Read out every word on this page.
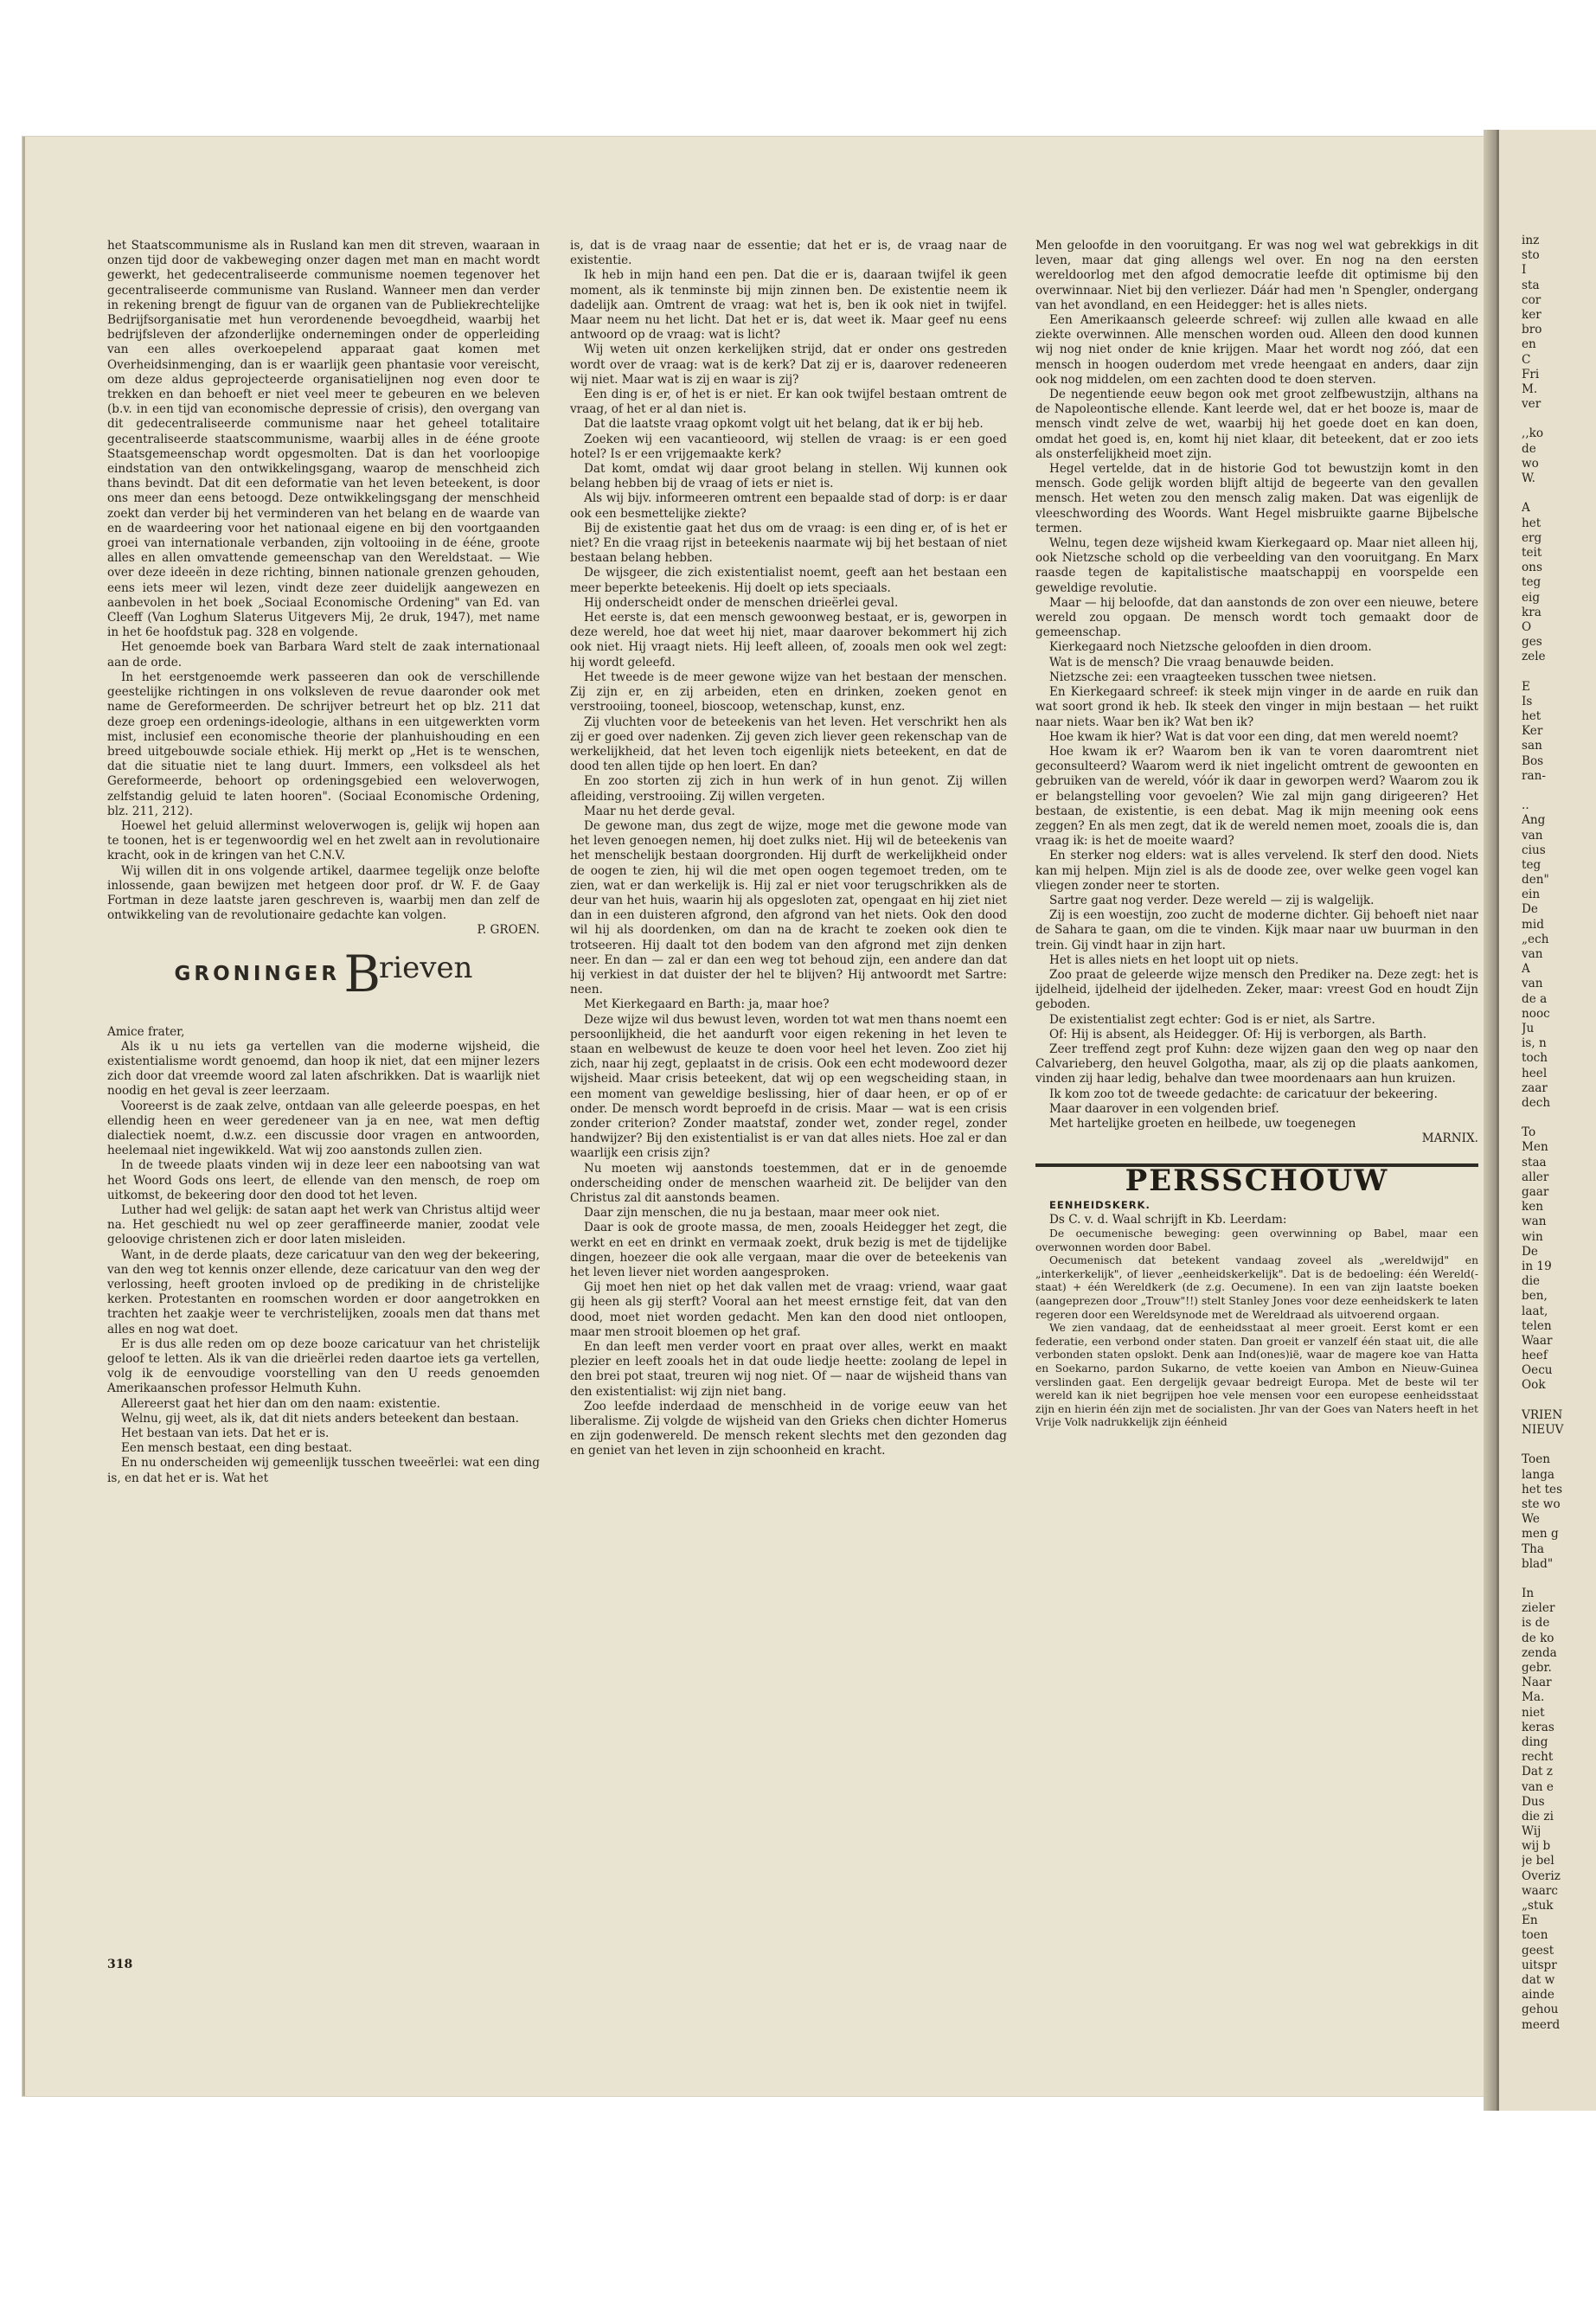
het Staatscommunisme als in Rusland kan men dit streven, waaraan in onzen tijd door de vakbeweging onzer dagen met man en macht wordt gewerkt, het gedecentraliseerde communisme noemen tegenover het gecentraliseerde communisme van Rusland. Wanneer men dan verder in rekening brengt de figuur van de organen van de Publiekrechtelijke Bedrijfsorganisatie met hun verordenende bevoegdheid, waarbij het bedrijfsleven der afzonderlijke ondernemingen onder de opperleiding van een alles overkoepelend apparaat gaat komen met Overheidsinmenging, dan is er waarlijk geen phantasie voor vereischt, om deze aldus geprojecteerde organisatielijnen nog even door te trekken en dan behoeft er niet veel meer te gebeuren en we beleven (b.v. in een tijd van economische depressie of crisis), den overgang van dit gedecentraliseerde communisme naar het geheel totalitaire gecentraliseerde staatscommunisme, waarbij alles in de ééne groote Staatsgemeenschap wordt opgesmolten. Dat is dan het voorloopige eindstation van den ontwikkelingsgang, waarop de menschheid zich thans bevindt. Dat dit een deformatie van het leven beteekent, is door ons meer dan eens betoogd. Deze ontwikkelingsgang der menschheid zoekt dan verder bij het verminderen van het belang en de waarde van en de waardeering voor het nationaal eigene en bij den voortgaanden groei van internationale verbanden, zijn voltooiing in de ééne, groote alles en allen omvattende gemeenschap van den Wereldstaat. — Wie over deze ideeën in deze richting, binnen nationale grenzen gehouden, eens iets meer wil lezen, vindt deze zeer duidelijk aangewezen en aanbevolen in het boek „Sociaal Economische Ordening" van Ed. van Cleeff (Van Loghum Slaterus Uitgevers Mij, 2e druk, 1947), met name in het 6e hoofdstuk pag. 328 en volgende.

Het genoemde boek van Barbara Ward stelt de zaak internationaal aan de orde.

In het eerstgenoemde werk passeeren dan ook de verschillende geestelijke richtingen in ons volksleven de revue daaronder ook met name de Gereformeerden. De schrijver betreurt het op blz. 211 dat deze groep een ordenings-ideologie, althans in een uitgewerkten vorm mist, inclusief een economische theorie der planhuishouding en een breed uitgebouwde sociale ethiek. Hij merkt op „Het is te wenschen, dat die situatie niet te lang duurt. Immers, een volksdeel als het Gereformeerde, behoort op ordeningsgebied een weloverwogen, zelfstandig geluid te laten hooren". (Sociaal Economische Ordening, blz. 211, 212).

Hoewel het geluid allerminst weloverwogen is, gelijk wij hopen aan te toonen, het is er tegenwoordig wel en het zwelt aan in revolutionaire kracht, ook in de kringen van het C.N.V.

Wij willen dit in ons volgende artikel, daarmee tegelijk onze belofte inlossende, gaan bewijzen met hetgeen door prof. dr W. F. de Gaay Fortman in deze laatste jaren geschreven is, waarbij men dan zelf de ontwikkeling van de revolutionaire gedachte kan volgen.

P. GROEN.

GRONINGER Brieven

Amice frater,

Als ik u nu iets ga vertellen van die moderne wijsheid, die existentialisme wordt genoemd, dan hoop ik niet, dat een mijner lezers zich door dat vreemde woord zal laten afschrikken. Dat is waarlijk niet noodig en het geval is zeer leerzaam.

Vooreerst is de zaak zelve, ontdaan van alle geleerde poespas, en het ellendig heen en weer geredeneer van ja en nee, wat men deftig dialectiek noemt, d.w.z. een discussie door vragen en antwoorden, heelemaal niet ingewikkeld. Wat wij zoo aanstonds zullen zien.

In de tweede plaats vinden wij in deze leer een nabootsing van wat het Woord Gods ons leert, de ellende van den mensch, de roep om uitkomst, de bekeering door den dood tot het leven.

Luther had wel gelijk: de satan aapt het werk van Christus altijd weer na. Het geschiedt nu wel op zeer geraffineerde manier, zoodat vele geloovige christenen zich er door laten misleiden.

Want, in de derde plaats, deze caricatuur van den weg der bekeering, van den weg tot kennis onzer ellende, deze caricatuur van den weg der verlossing, heeft grooten invloed op de prediking in de christelijke kerken. Protestanten en roomschen worden er door aangetrokken en trachten het zaakje weer te verchristelijken, zooals men dat thans met alles en nog wat doet.

Er is dus alle reden om op deze booze caricatuur van het christelijk geloof te letten. Als ik van die drieërlei reden daartoe iets ga vertellen, volg ik de eenvoudige voorstelling van den U reeds genoemden Amerikaanschen professor Helmuth Kuhn.

Allereerst gaat het hier dan om den naam: existentie.

Welnu, gij weet, als ik, dat dit niets anders beteekent dan bestaan.

Het bestaan van iets. Dat het er is.

Een mensch bestaat, een ding bestaat.

En nu onderscheiden wij gemeenlijk tusschen tweeërlei: wat een ding is, en dat het er is. Wat het

is, dat is de vraag naar de essentie; dat het er is, de vraag naar de existentie.

Ik heb in mijn hand een pen. Dat die er is, daaraan twijfel ik geen moment, als ik tenminste bij mijn zinnen ben. De existentie neem ik dadelijk aan. Omtrent de vraag: wat het is, ben ik ook niet in twijfel. Maar neem nu het licht. Dat het er is, dat weet ik. Maar geef nu eens antwoord op de vraag: wat is licht?

Wij weten uit onzen kerkelijken strijd, dat er onder ons gestreden wordt over de vraag: wat is de kerk? Dat zij er is, daarover redeneeren wij niet. Maar wat is zij en waar is zij?

Een ding is er, of het is er niet. Er kan ook twijfel bestaan omtrent de vraag, of het er al dan niet is.

Dat die laatste vraag opkomt volgt uit het belang, dat ik er bij heb.

Zoeken wij een vacantieoord, wij stellen de vraag: is er een goed hotel? Is er een vrijgemaakte kerk?

Dat komt, omdat wij daar groot belang in stellen. Wij kunnen ook belang hebben bij de vraag of iets er niet is.

Als wij bijv. informeeren omtrent een bepaalde stad of dorp: is er daar ook een besmettelijke ziekte?

Bij de existentie gaat het dus om de vraag: is een ding er, of is het er niet? En die vraag rijst in beteekenis naarmate wij bij het bestaan of niet bestaan belang hebben.

De wijsgeer, die zich existentialist noemt, geeft aan het bestaan een meer beperkte beteekenis. Hij doelt op iets speciaals.

Hij onderscheidt onder de menschen drieërlei geval.

Het eerste is, dat een mensch gewoonweg bestaat, er is, geworpen in deze wereld, hoe dat weet hij niet, maar daarover bekommert hij zich ook niet. Hij vraagt niets. Hij leeft alleen, of, zooals men ook wel zegt: hij wordt geleefd.

Het tweede is de meer gewone wijze van het bestaan der menschen. Zij zijn er, en zij arbeiden, eten en drinken, zoeken genot en verstrooiing, tooneel, bioscoop, wetenschap, kunst, enz.

Zij vluchten voor de beteekenis van het leven. Het verschrikt hen als zij er goed over nadenken. Zij geven zich liever geen rekenschap van de werkelijkheid, dat het leven toch eigenlijk niets beteekent, en dat de dood ten allen tijde op hen loert. En dan?

En zoo storten zij zich in hun werk of in hun genot. Zij willen afleiding, verstrooiing. Zij willen vergeten.

Maar nu het derde geval.

De gewone man, dus zegt de wijze, moge met die gewone mode van het leven genoegen nemen, hij doet zulks niet. Hij wil de beteekenis van het menschelijk bestaan doorgronden. Hij durft de werkelijkheid onder de oogen te zien, hij wil die met open oogen tegemoet treden, om te zien, wat er dan werkelijk is. Hij zal er niet voor terugschrikken als de deur van het huis, waarin hij als opgesloten zat, opengaat en hij ziet niet dan in een duisteren afgrond, den afgrond van het niets. Ook den dood wil hij als doordenken, om dan na de kracht te zoeken ook dien te trotseeren. Hij daalt tot den bodem van den afgrond met zijn denken neer. En dan — zal er dan een weg tot behoud zijn, een andere dan dat hij verkiest in dat duister der hel te blijven? Hij antwoordt met Sartre: neen.

Met Kierkegaard en Barth: ja, maar hoe?

Deze wijze wil dus bewust leven, worden tot wat men thans noemt een persoonlijkheid, die het aandurft voor eigen rekening in het leven te staan en welbewust de keuze te doen voor heel het leven. Zoo ziet hij zich, naar hij zegt, geplaatst in de crisis. Ook een echt modewoord dezer wijsheid. Maar crisis beteekent, dat wij op een wegscheiding staan, in een moment van geweldige beslissing, hier of daar heen, er op of er onder. De mensch wordt beproefd in de crisis. Maar — wat is een crisis zonder criterion? Zonder maatstaf, zonder wet, zonder regel, zonder handwijzer? Bij den existentialist is er van dat alles niets. Hoe zal er dan waarlijk een crisis zijn?

Nu moeten wij aanstonds toestemmen, dat er in de genoemde onderscheiding onder de menschen waarheid zit. De belijder van den Christus zal dit aanstonds beamen.

Daar zijn menschen, die nu ja bestaan, maar meer ook niet.

Daar is ook de groote massa, de men, zooals Heidegger het zegt, die werkt en eet en drinkt en vermaak zoekt, druk bezig is met de tijdelijke dingen, hoezeer die ook alle vergaan, maar die over de beteekenis van het leven liever niet worden aangesproken.

Gij moet hen niet op het dak vallen met de vraag: vriend, waar gaat gij heen als gij sterft? Vooral aan het meest ernstige feit, dat van den dood, moet niet worden gedacht. Men kan den dood niet ontloopen, maar men strooit bloemen op het graf.

En dan leeft men verder voort en praat over alles, werkt en maakt plezier en leeft zooals het in dat oude liedje heette: zoolang de lepel in den brei pot staat, treuren wij nog niet. Of — naar de wijsheid thans van den existentialist: wij zijn niet bang.

Zoo leefde inderdaad de menschheid in de vorige eeuw van het liberalisme. Zij volgde de wijsheid van den Grieks chen dichter Homerus en zijn godenwereld. De mensch rekent slechts met den gezonden dag en geniet van het leven in zijn schoonheid en kracht.

Men geloofde in den vooruitgang. Er was nog wel wat gebrekkigs in dit leven, maar dat ging allengs wel over. En nog na den eersten wereldoorlog met den afgod democratie leefde dit optimisme bij den overwinnaar. Niet bij den verliezer. Dáár had men 'n Spengler, ondergang van het avondland, en een Heidegger: het is alles niets.

Een Amerikaansch geleerde schreef: wij zullen alle kwaad en alle ziekte overwinnen. Alle menschen worden oud. Alleen den dood kunnen wij nog niet onder de knie krijgen. Maar het wordt nog zóó, dat een mensch in hoogen ouderdom met vrede heengaat en anders, daar zijn ook nog middelen, om een zachten dood te doen sterven.

De negentiende eeuw begon ook met groot zelfbewustzijn, althans na de Napoleontische ellende. Kant leerde wel, dat er het booze is, maar de mensch vindt zelve de wet, waarbij hij het goede doet en kan doen, omdat het goed is, en, komt hij niet klaar, dit beteekent, dat er zoo iets als onsterfelijkheid moet zijn.

Hegel vertelde, dat in de historie God tot bewustzijn komt in den mensch. Gode gelijk worden blijft altijd de begeerte van den gevallen mensch. Het weten zou den mensch zalig maken. Dat was eigenlijk de vleeschwording des Woords. Want Hegel misbruikte gaarne Bijbelsche termen.

Welnu, tegen deze wijsheid kwam Kierkegaard op. Maar niet alleen hij, ook Nietzsche schold op die verbeelding van den vooruitgang. En Marx raasde tegen de kapitalistische maatschappij en voorspelde een geweldige revolutie.

Maar — hij beloofde, dat dan aanstonds de zon over een nieuwe, betere wereld zou opgaan. De mensch wordt toch gemaakt door de gemeenschap.

Kierkegaard noch Nietzsche geloofden in dien droom.

Wat is de mensch? Die vraag benauwde beiden.

Nietzsche zei: een vraagteeken tusschen twee nietsen.

En Kierkegaard schreef: ik steek mijn vinger in de aarde en ruik dan wat soort grond ik heb. Ik steek den vinger in mijn bestaan — het ruikt naar niets. Waar ben ik? Wat ben ik?

Hoe kwam ik hier? Wat is dat voor een ding, dat men wereld noemt?

Hoe kwam ik er? Waarom ben ik van te voren daaromtrent niet geconsulteerd? Waarom werd ik niet ingelicht omtrent de gewoonten en gebruiken van de wereld, vóór ik daar in geworpen werd? Waarom zou ik er belangstelling voor gevoelen? Wie zal mijn gang dirigeeren? Het bestaan, de existentie, is een debat. Mag ik mijn meening ook eens zeggen? En als men zegt, dat ik de wereld nemen moet, zooals die is, dan vraag ik: is het de moeite waard?

En sterker nog elders: wat is alles vervelend. Ik sterf den dood. Niets kan mij helpen. Mijn ziel is als de doode zee, over welke geen vogel kan vliegen zonder neer te storten.

Sartre gaat nog verder. Deze wereld — zij is walgelijk.

Zij is een woestijn, zoo zucht de moderne dichter. Gij behoeft niet naar de Sahara te gaan, om die te vinden. Kijk maar naar uw buurman in den trein. Gij vindt haar in zijn hart.

Het is alles niets en het loopt uit op niets.

Zoo praat de geleerde wijze mensch den Prediker na. Deze zegt: het is ijdelheid, ijdelheid der ijdelheden. Zeker, maar: vreest God en houdt Zijn geboden.

De existentialist zegt echter: God is er niet, als Sartre.

Of: Hij is absent, als Heidegger. Of: Hij is verborgen, als Barth.

Zeer treffend zegt prof Kuhn: deze wijzen gaan den weg op naar den Calvarieberg, den heuvel Golgotha, maar, als zij op die plaats aankomen, vinden zij haar ledig, behalve dan twee moordenaars aan hun kruizen.

Ik kom zoo tot de tweede gedachte: de caricatuur der bekeering.

Maar daarover in een volgenden brief.

Met hartelijke groeten en heilbede, uw toegenegen

MARNIX.

PERSSCHOUW

EENHEIDSKERK.

Ds C. v. d. Waal schrijft in Kb. Leerdam:

De oecumenische beweging: geen overwinning op Babel, maar een overwonnen worden door Babel.

Oecumenisch dat betekent vandaag zoveel als „wereldwijd" en „interkerkelijk", of liever „eenheidskerkelijk". Dat is de bedoeling: één Wereld(-staat) + één Wereldkerk (de z.g. Oecumene). In een van zijn laatste boeken (aangeprezen door „Trouw"!!) stelt Stanley Jones voor deze eenheidskerk te laten regeren door een Wereldsynode met de Wereldraad als uitvoerend orgaan.

We zien vandaag, dat de eenheidsstaat al meer groeit. Eerst komt er een federatie, een verbond onder staten. Dan groeit er vanzelf één staat uit, die alle verbonden staten opslokt. Denk aan Ind(ones)ië, waar de magere koe van Hatta en Soekarno, pardon Sukarno, de vette koeien van Ambon en Nieuw-Guinea verslinden gaat. Een dergelijk gevaar bedreigt Europa. Met de beste wil ter wereld kan ik niet begrijpen hoe vele mensen voor een europese eenheidsstaat zijn en hierin één zijn met de socialisten. Jhr van der Goes van Naters heeft in het Vrije Volk nadrukkelijk zijn éénheid

318
inz
sto
I
sta
cor
ker
bro
en
C
Fri
M.
ver
,,ko
de
wo
W.
A
het
erg
teit
ons
teg
eig
kra
O
ges
zele
E
Is
het
Ker
san
Bos
ran-
..
Ang
van
cius
teg
den"
ein
De
mid
„ech
van
A
van
de a
nooc
Ju
is, n
toch
heel
zaar
dech
To
Men
staa
aller
gaar
ken
wan
win
De
in 19
die
ben,
laat,
telen
Waar
heef
Oecu
Ook
VRIEN
NIEUV
Toen
langa
het tes
ste wo
We
men g
Tha
blad"
In
zieler
is de
de ko
zenda
gebr.
Naar
Ma.
niet
keras
ding
recht
Dat z
van e
Dus
die zi
Wij
wij b
je bel
Overiz
waarc
„stuk
En
toen
geest
uitspr
dat w
ainde
gehou
meerd
